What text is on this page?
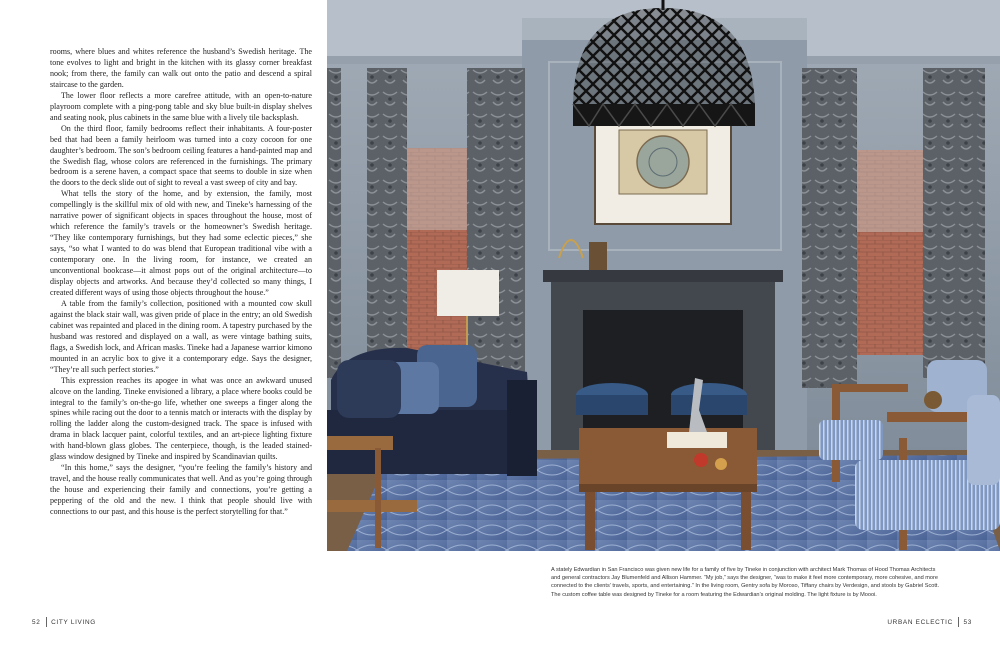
rooms, where blues and whites reference the husband’s Swedish heritage. The tone evolves to light and bright in the kitchen with its glassy corner breakfast nook; from there, the family can walk out onto the patio and descend a spiral staircase to the garden.

The lower floor reflects a more carefree attitude, with an open-to-nature playroom complete with a ping-pong table and sky blue built-in display shelves and seating nook, plus cabinets in the same blue with a lively tile backsplash.

On the third floor, family bedrooms reflect their inhabitants. A four-poster bed that had been a family heirloom was turned into a cozy cocoon for one daughter’s bedroom. The son’s bedroom ceiling features a hand-painted map and the Swedish flag, whose colors are referenced in the furnishings. The primary bedroom is a serene haven, a compact space that seems to double in size when the doors to the deck slide out of sight to reveal a vast sweep of city and bay.

What tells the story of the home, and by extension, the family, most compellingly is the skillful mix of old with new, and Tineke’s harnessing of the narrative power of significant objects in spaces throughout the house, most of which reference the family’s travels or the homeowner’s Swedish heritage. “They like contemporary furnishings, but they had some eclectic pieces,” she says, “so what I wanted to do was blend that European traditional vibe with a contemporary one. In the living room, for instance, we created an unconventional bookcase—it almost pops out of the original architecture—to display objects and artworks. And because they’d collected so many things, I created different ways of using those objects throughout the house.”

A table from the family’s collection, positioned with a mounted cow skull against the black stair wall, was given pride of place in the entry; an old Swedish cabinet was repainted and placed in the dining room. A tapestry purchased by the husband was restored and displayed on a wall, as were vintage bathing suits, flags, a Swedish lock, and African masks. Tineke had a Japanese warrior kimono mounted in an acrylic box to give it a contemporary edge. Says the designer, “They’re all such perfect stories.”

This expression reaches its apogee in what was once an awkward unused alcove on the landing. Tineke envisioned a library, a place where books could be integral to the family’s on-the-go life, whether one sweeps a finger along the spines while racing out the door to a tennis match or interacts with the display by rolling the ladder along the custom-designed track. The space is infused with drama in black lacquer paint, colorful textiles, and an art-piece lighting fixture with hand-blown glass globes. The centerpiece, though, is the leaded stained-glass window designed by Tineke and inspired by Scandinavian quilts.

“In this home,” says the designer, “you’re feeling the family’s history and travel, and the house really communicates that well. And as you’re going through the house and experiencing their family and connections, you’re getting a peppering of the old and the new. I think that people should live with connections to our past, and this house is the perfect storytelling for that.”

52 CITY LIVING
A stately Edwardian in San Francisco was given new life for a family of five by Tineke in conjunction with architect Mark Thomas of Hood Thomas Architects and general contractors Jay Blumenfeld and Allison Hammer. “My job,” says the designer, “was to make it feel more contemporary, more cohesive, and more connected to the clients’ travels, sports, and entertaining.” In the living room, Gentry sofa by Moroso, Tiffany chairs by Verdesign, and stools by Gabriel Scott. The custom coffee table was designed by Tineke for a room featuring the Edwardian’s original molding. The light fixture is by Moooi.
URBAN ECLECTIC 53
